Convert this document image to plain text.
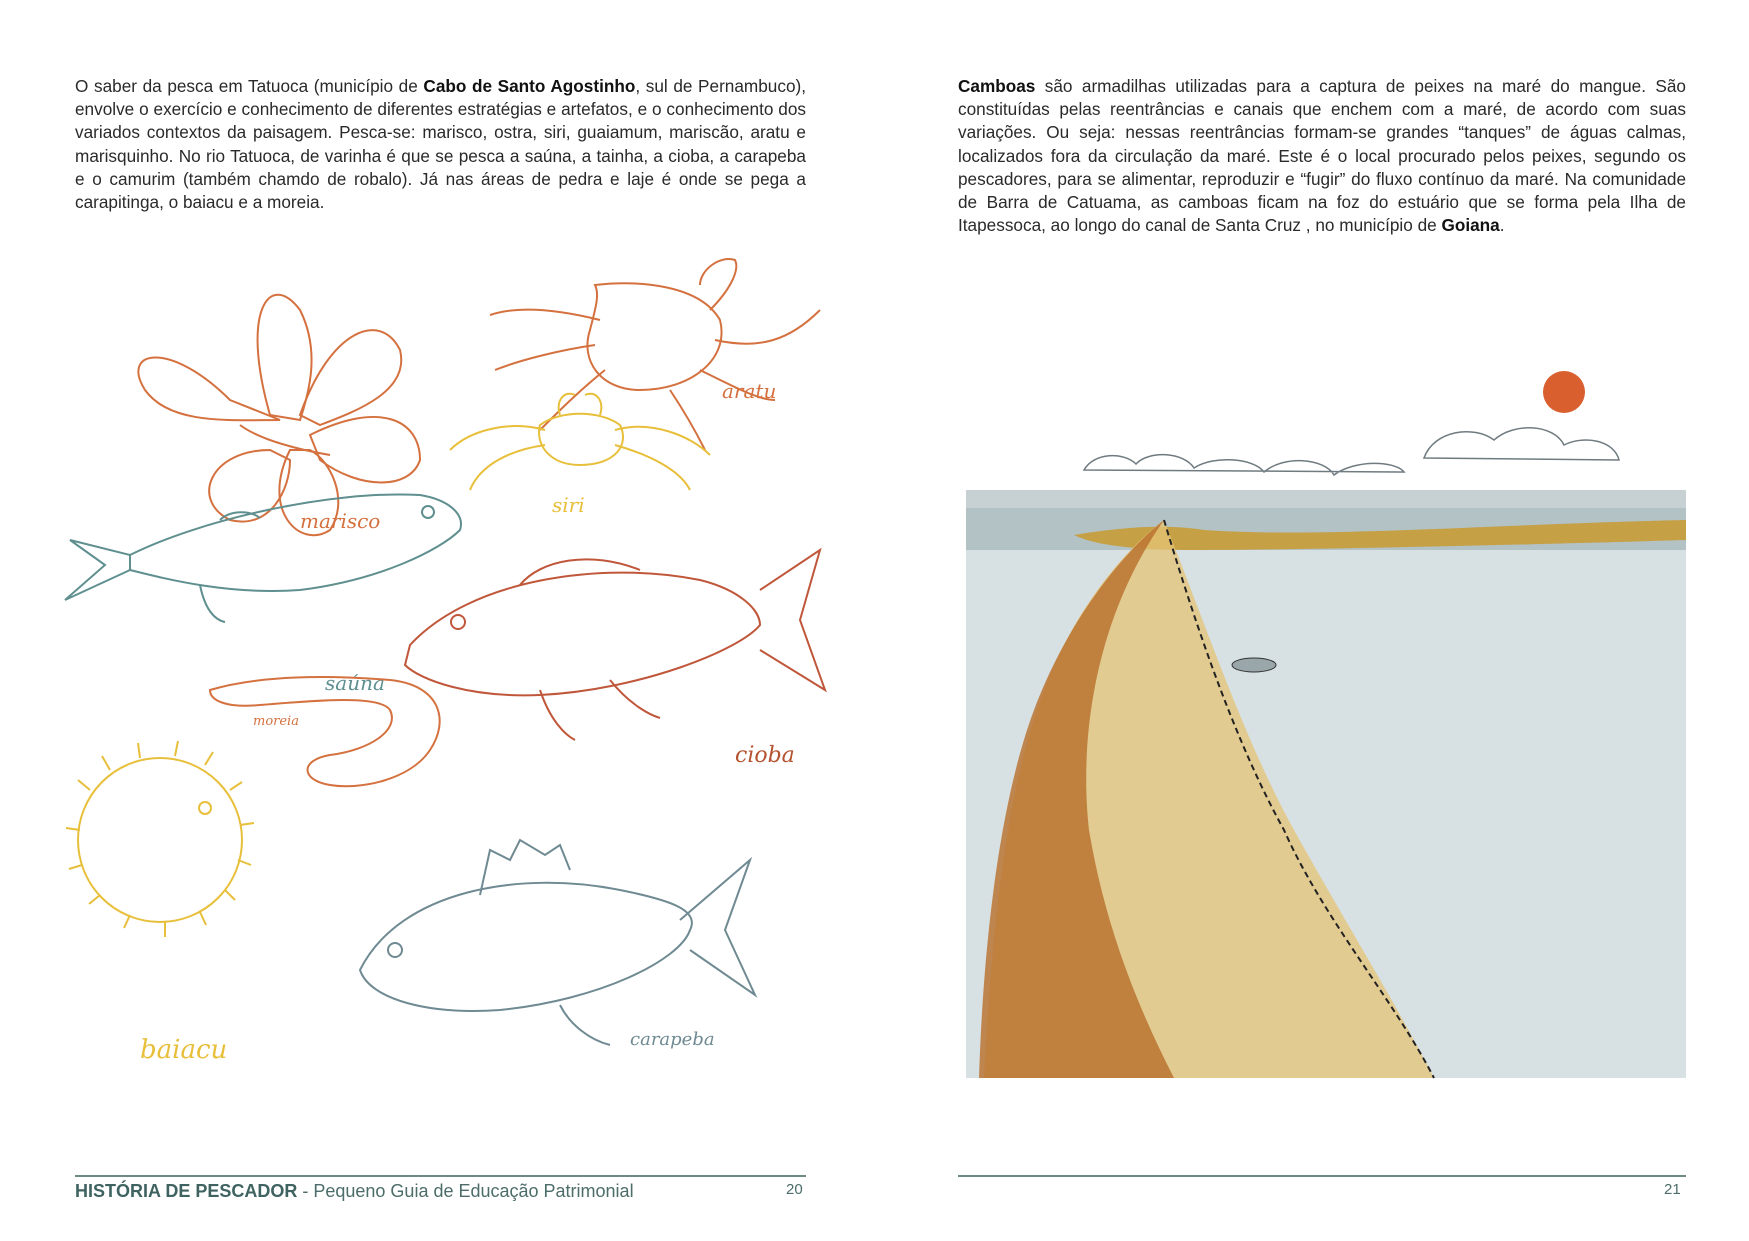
O saber da pesca em Tatuoca (município de Cabo de Santo Agostinho, sul de Pernambuco), envolve o exercício e conhecimento de diferentes estratégias e artefatos, e o conhecimento dos variados contextos da paisagem. Pesca-se: marisco, ostra, siri, guaiamum, mariscão, aratu e marisquinho. No rio Tatuoca, de varinha é que se pesca a saúna, a tainha, a cioba, a carapeba e o camurim (também chamdo de robalo). Já nas áreas de pedra e laje é onde se pega a carapitinga, o baiacu e a moreia.

marisco
aratu
siri
saúna
cioba
moreia
baiacu	carapeba
HISTÓRIA DE PESCADOR - Pequeno Guia de Educação Patrimonial	20

Camboas são armadilhas utilizadas para a captura de peixes na maré do mangue. São constituídas pelas reentrâncias e canais que enchem com a maré, de acordo com suas variações. Ou seja: nessas reentrâncias formam-se grandes “tanques” de águas calmas, localizados fora da circulação da maré. Este é o local procurado pelos peixes, segundo os pescadores, para se alimentar, reproduzir e “fugir” do fluxo contínuo da maré. Na comunidade de Barra de Catuama, as camboas ficam na foz do estuário que se forma pela Ilha de Itapessoca, ao longo do canal de Santa Cruz , no município de Goiana.

21
